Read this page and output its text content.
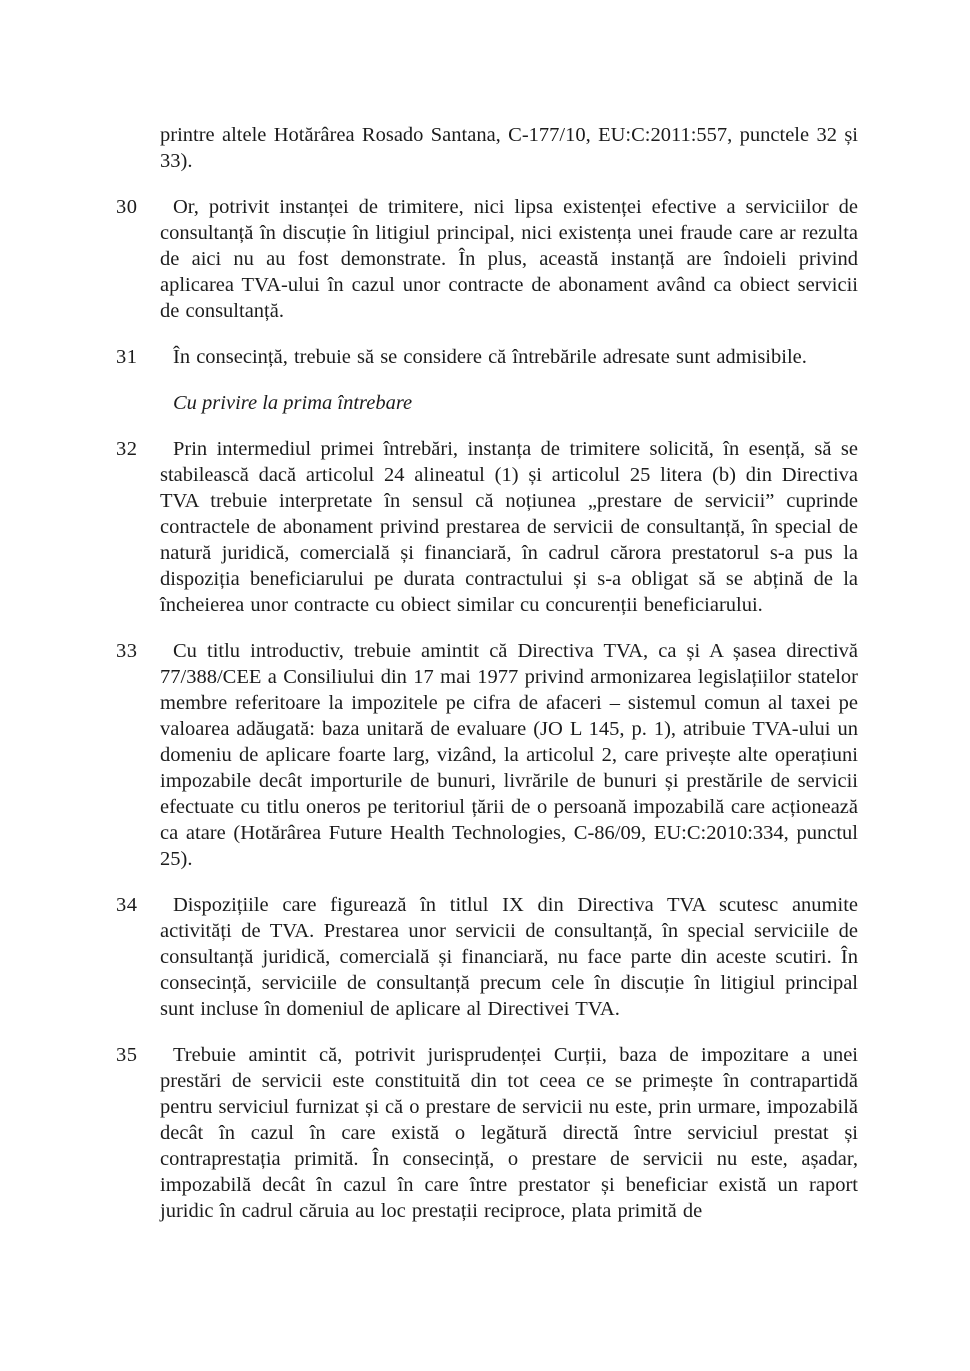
printre altele Hotărârea Rosado Santana, C-177/10, EU:C:2011:557, punctele 32 și 33).
30	Or, potrivit instanței de trimitere, nici lipsa existenței efective a serviciilor de consultanță în discuție în litigiul principal, nici existența unei fraude care ar rezulta de aici nu au fost demonstrate. În plus, această instanță are îndoieli privind aplicarea TVA-ului în cazul unor contracte de abonament având ca obiect servicii de consultanță.
31	În consecință, trebuie să se considere că întrebările adresate sunt admisibile.
Cu privire la prima întrebare
32	Prin intermediul primei întrebări, instanța de trimitere solicită, în esență, să se stabilească dacă articolul 24 alineatul (1) și articolul 25 litera (b) din Directiva TVA trebuie interpretate în sensul că noțiunea „prestare de servicii” cuprinde contractele de abonament privind prestarea de servicii de consultanță, în special de natură juridică, comercială și financiară, în cadrul cărora prestatorul s-a pus la dispoziția beneficiarului pe durata contractului și s-a obligat să se abțină de la încheierea unor contracte cu obiect similar cu concurenții beneficiarului.
33	Cu titlu introductiv, trebuie amintit că Directiva TVA, ca și A șasea directivă 77/388/CEE a Consiliului din 17 mai 1977 privind armonizarea legislațiilor statelor membre referitoare la impozitele pe cifra de afaceri – sistemul comun al taxei pe valoarea adăugată: baza unitară de evaluare (JO L 145, p. 1), atribuie TVA-ului un domeniu de aplicare foarte larg, vizând, la articolul 2, care privește alte operațiuni impozabile decât importurile de bunuri, livrările de bunuri și prestările de servicii efectuate cu titlu oneros pe teritoriul țării de o persoană impozabilă care acționează ca atare (Hotărârea Future Health Technologies, C-86/09, EU:C:2010:334, punctul 25).
34	Dispozițiile care figurează în titlul IX din Directiva TVA scutesc anumite activități de TVA. Prestarea unor servicii de consultanță, în special serviciile de consultanță juridică, comercială și financiară, nu face parte din aceste scutiri. În consecință, serviciile de consultanță precum cele în discuție în litigiul principal sunt incluse în domeniul de aplicare al Directivei TVA.
35	Trebuie amintit că, potrivit jurisprudenței Curții, baza de impozitare a unei prestări de servicii este constituită din tot ceea ce se primește în contrapartidă pentru serviciul furnizat și că o prestare de servicii nu este, prin urmare, impozabilă decât în cazul în care există o legătură directă între serviciul prestat și contraprestația primită. În consecință, o prestare de servicii nu este, așadar, impozabilă decât în cazul în care între prestator și beneficiar există un raport juridic în cadrul căruia au loc prestații reciproce, plata primită de
